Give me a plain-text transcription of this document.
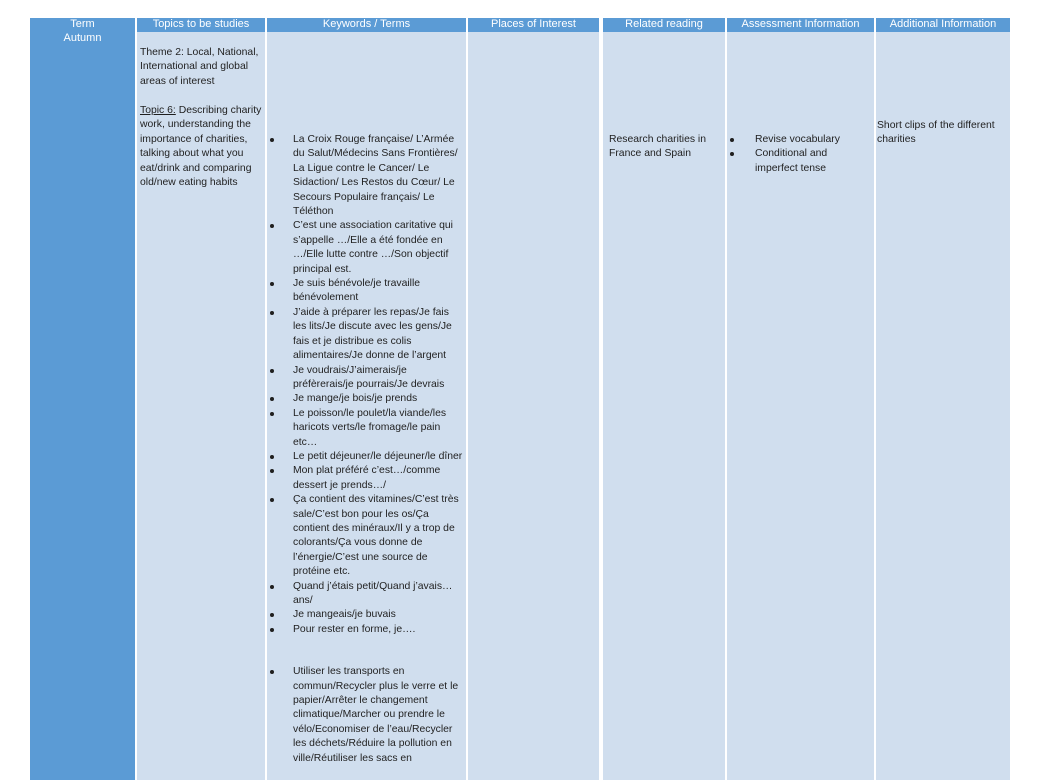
Term
Autumn
Topics to be studies
Theme 2: Local, National, International and global areas of interest
Topic 6: Describing charity work, understanding the importance of charities, talking about what you eat/drink and comparing old/new eating habits
Keywords / Terms
La Croix Rouge française/ L’Armée du Salut/Médecins Sans Frontières/ La Ligue contre le Cancer/ Le Sidaction/ Les Restos du Cœur/ Le Secours Populaire français/ Le Téléthon
C’est une association caritative qui s’appelle …/Elle a été fondée en …/Elle lutte contre …/Son objectif principal est.
Je suis bénévole/je travaille bénévolement
J’aide à préparer les repas/Je fais les lits/Je discute avec les gens/Je fais et je distribue es colis alimentaires/Je donne de l’argent
Je voudrais/J’aimerais/je préfèrerais/je pourrais/Je devrais
Je mange/je bois/je prends
Le poisson/le poulet/la viande/les haricots verts/le fromage/le pain etc…
Le petit déjeuner/le déjeuner/le dîner
Mon plat préféré c’est…/comme dessert je prends…/
Ça contient des vitamines/C’est très sale/C’est bon pour les os/Ça contient des minéraux/Il y a trop de colorants/Ça vous donne de l’énergie/C’est une source de protéine etc.
Quand j’étais petit/Quand j’avais…ans/
Je mangeais/je buvais
Pour rester en forme, je….
Utiliser les transports en commun/Recycler plus le verre et le papier/Arrêter le changement climatique/Marcher ou prendre le vélo/Economiser de l’eau/Recycler les déchets/Réduire la pollution en ville/Réutiliser les sacs en
Places of Interest	Related reading
Research charities in France and Spain
Assessment Information
Revise vocabulary
Conditional and imperfect tense
Additional Information
Short clips of the different charities
